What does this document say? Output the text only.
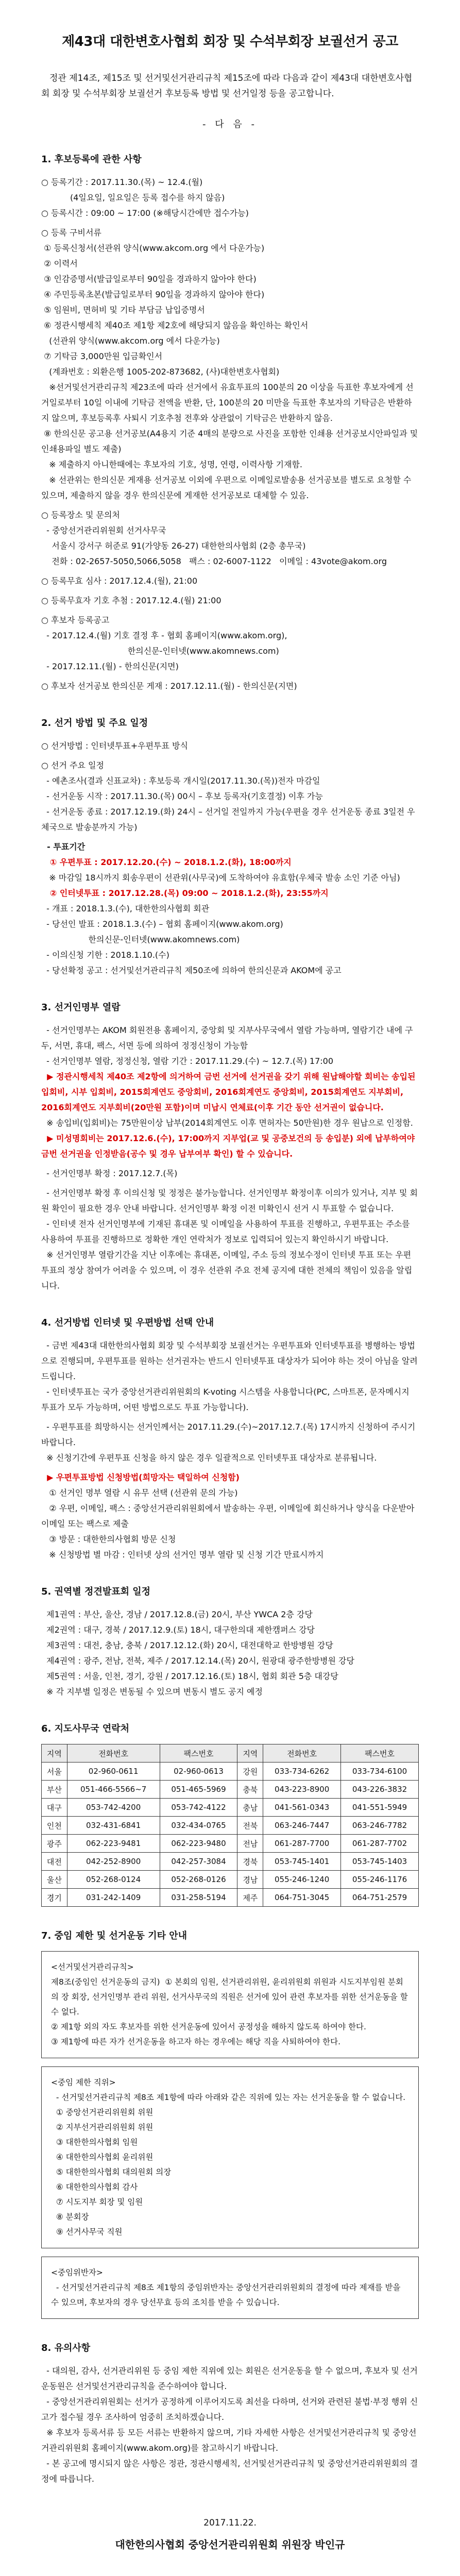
제43대 대한변호사협회 회장 및 수석부회장 보궐선거 공고

정관 제14조, 제15조 및 선거및선거관리규칙 제15조에 따라 다음과 같이 제43대 대한변호사협회 회장 및 수석부회장 보궐선거 후보등록 방법 및 선거일정 등을 공고합니다.

- 다 음 -
1. 후보등록에 관한 사항

○ 등록기간 : 2017.11.30.(목) ~ 12.4.(월)

(4일요일, 일요일은 등록 접수를 하지 않음)

○ 등록시간 : 09:00 ~ 17:00 (※해당시간에만 접수가능)

○ 등록 구비서류

① 등록신청서(선관위 양식(www.akcom.org 에서 다운가능)

② 이력서

③ 인감증명서(발급일로부터 90일을 경과하지 않아야 한다)

④ 주민등록초본(발급일로부터 90일을 경과하지 않아야 한다)

⑤ 임원비, 면허비 및 기타 부담금 납입증명서

⑥ 정관시행세칙 제40조 제1항 제2호에 해당되지 않음을 확인하는 확인서

(선관위 양식(www.akcom.org 에서 다운가능)

⑦ 기탁금 3,000만원 입금확인서

(계좌번호 : 외환은행 1005-202-873682, (사)대한변호사협회)

※선거및선거관리규칙 제23조에 따라 선거에서 유효투표의 100분의 20 이상을 득표한 후보자에게 선거일로부터 10일 이내에 기탁금 전액을 반환, 단, 100분의 20 미만을 득표한 후보자의 기탁금은 반환하지 않으며, 후보등록후 사퇴시 기호추첨 전후와 상관없이 기탁금은 반환하지 않음.

⑧ 한의신문 공고용 선거공보(A4용지 기준 4매의 분량으로 사진을 포함한 인쇄용 선거공보시안파일과 및 인쇄용파일 별도 제출)

※ 제출하지 아니한때에는 후보자의 기호, 성명, 연령, 이력사항 기재함.

※ 선관위는 한의신문 게재용 선거공보 이외에 우편으로 이메일로발송용 선거공보를 별도로 요청할 수 있으며, 제출하지 않을 경우 한의신문에 게재한 선거공보로 대체할 수 있음.

○ 등록장소 및 문의처

- 중앙선거관리위원회 선거사무국

서울시 강서구 허준로 91(가양동 26-27) 대한한의사협회 (2층 총무국)

전화 : 02-2657-5050,5066,5058   팩스 : 02-6007-1122   이메일 : 43vote@akom.org

○ 등록무효 심사 : 2017.12.4.(월), 21:00

○ 등록무효자 기호 추첨 : 2017.12.4.(월) 21:00

○ 후보자 등록공고

- 2017.12.4.(월) 기호 결정 후 - 협회 홈페이지(www.akom.org),

한의신문-인터넷(www.akomnews.com)

- 2017.12.11.(월) - 한의신문(지면)

○ 후보자 선거공보 한의신문 게재 : 2017.12.11.(월) - 한의신문(지면)

2. 선거 방법 및 주요 일정

○ 선거방법 : 인터넷투표+우편투표 방식

○ 선거 주요 일정

- 예촌조사(결과 신표교차) : 후보등록 개시일(2017.11.30.(목))전자 마감일

- 선거운동 시작 : 2017.11.30.(목) 00시 – 후보 등록자(기호결정) 이후 가능

- 선거운동 종료 : 2017.12.19.(화) 24시 – 선거일 전일까지 가능(우편을 경우 선거운동 종료 3일전 우체국으로 발송분까지 가능)

- 투표기간

① 우편투표 : 2017.12.20.(수) ~ 2018.1.2.(화), 18:00까지

※ 마감일 18시까지 회송우편이 선관위(사무국)에 도착하여야 유효함(우체국 발송 소인 기준 아님)

② 인터넷투표 : 2017.12.28.(목) 09:00 ~ 2018.1.2.(화), 23:55까지

- 개표 : 2018.1.3.(수), 대한한의사협회 회관

- 당선인 발표 : 2018.1.3.(수) – 협회 홈페이지(www.akom.org)

한의신문-인터넷(www.akomnews.com)

- 이의신청 기한 : 2018.1.10.(수)

- 당선확정 공고 : 선거및선거관리규칙 제50조에 의하여 한의신문과 AKOM에 공고

3. 선거인명부 열람

- 선거인명부는 AKOM 회원전용 홈페이지, 중앙회 및 지부사무국에서 열람 가능하며, 열람기간 내에 구두, 서면, 휴대, 팩스, 서면 등에 의하여 정정신청이 가능함

- 선거인명부 열람, 정정신청, 열람 기간 : 2017.11.29.(수) ~ 12.7.(목) 17:00

▶ 정관시행세칙 제40조 제2항에 의거하여 금번 선거에 선거권을 갖기 위해 원납해야할 회비는 송입된 입회비, 시부 입회비, 2015회계연도 중앙회비, 2016회계연도 중앙회비, 2015회계연도 지부회비, 2016회계연도 지부회비(20만원 포함)이며 미납시 연체료(이후 기간 동안 선거권이 없습니다.

※ 송입비(입회비)는 75만원이상 납부(2014회계연도 이후 면허자는 50만원)한 경우 원납으로 인정함.

▶ 미성명회비는 2017.12.6.(수), 17:00까지 지부업(교 및 공중보건의 등 송입분) 외에 납부하여야 금번 선거권을 인정받음(공수 및 경우 납부여부 확인) 할 수 있습니다.

- 선거인명부 확정 : 2017.12.7.(목)

- 선거인명부 확정 후 이의신청 및 정정은 불가능합니다. 선거인명부 확정이후 이의가 있거나, 지부 및 회원 확인이 필요한 경우 안내 바랍니다. 선거인명부 확정 이전 미확인시 선거 시 투표할 수 없습니다.

- 인터넷 전자 선거인명부에 기재된 휴대폰 및 이메일을 사용하여 투표를 진행하고, 우편투표는 주소를 사용하여 투표를 진행하므로 정확한 개인 연락처가 정보로 입력되어 있는지 확인하시기 바랍니다.

※ 선거인명부 열람기간을 지난 이후에는 휴대폰, 이메일, 주소 등의 정보수정이 인터넷 투표 또는 우편투표의 정상 참여가 어려울 수 있으며, 이 경우 선관위 주요 전체 공지에 대한 전체의 책임이 있음을 알립니다.

4. 선거방법 인터넷 및 우편방법 선택 안내

- 금번 제43대 대한한의사협회 회장 및 수석부회장 보궐선거는 우편투표와 인터넷투표를 병행하는 방법으로 진행되며, 우편투표를 원하는 선거권자는 반드시 인터넷투표 대상자가 되어야 하는 것이 아님을 알려드립니다.

- 인터넷투표는 국가 중앙선거관리위원회의 K-voting 시스템을 사용합니다(PC, 스마트폰, 문자메시지 투표가 모두 가능하며, 어떤 방법으로도 투표 가능합니다).

- 우편투표를 희망하시는 선거인께서는 2017.11.29.(수)~2017.12.7.(목) 17시까지 신청하여 주시기 바랍니다.

※ 신청기간에 우편투표 신청을 하지 않은 경우 일괄적으로 인터넷투표 대상자로 분류됩니다.

▶ 우편투표방법 신청방법(희망자는 택일하여 신청함)

① 선거인 명부 열람 시 유무 선택 (선관위 문의 가능)

② 우편, 이메일, 팩스 : 중앙선거관리위원회에서 발송하는 우편, 이메일에 회신하거나 양식을 다운받아 이메일 또는 팩스로 제출

③ 방문 : 대한한의사협회 방문 신청

※ 신청방법 별 마감 : 인터넷 상의 선거인 명부 열람 및 신청 기간 만료시까지

5. 권역별 정견발표회 일정

제1권역 : 부산, 울산, 경남 / 2017.12.8.(금) 20시, 부산 YWCA 2층 강당

제2권역 : 대구, 경북 / 2017.12.9.(토) 18시, 대구한의대 제한캠퍼스 강당

제3권역 : 대전, 충남, 충북 / 2017.12.12.(화) 20시, 대전대학교 한방병원 강당

제4권역 : 광주, 전남, 전북, 제주 / 2017.12.14.(목) 20시, 원광대 광주한방병원 강당

제5권역 : 서울, 인천, 경기, 강원 / 2017.12.16.(토) 18시, 협회 회관 5층 대강당

※ 각 지부별 일정은 변동될 수 있으며 변동시 별도 공지 예정

6. 지도사무국 연락처
지역	전화번호	팩스번호	지역	전화번호	팩스번호
서울	02-960-0611	02-960-0613	강원	033-734-6262	033-734-6100
부산	051-466-5566~7	051-465-5969	충북	043-223-8900	043-226-3832
대구	053-742-4200	053-742-4122	충남	041-561-0343	041-551-5949
인천	032-431-6841	032-434-0765	전북	063-246-7447	063-246-7782
광주	062-223-9481	062-223-9480	전남	061-287-7700	061-287-7702
대전	042-252-8900	042-257-3084	경북	053-745-1401	053-745-1403
울산	052-268-0124	052-268-0126	경남	055-246-1240	055-246-1176
경기	031-242-1409	031-258-5194	제주	064-751-3045	064-751-2579
7. 중임 제한 및 선거운동 기타 안내

<선거및선거관리규칙>

제8조(중임인 선거운동의 금지)  ① 본회의 임원, 선거관리위원, 윤리위원회 위원과 시도지부임원 분회의 장 회장, 선거인명부 관리 위원, 선거사무국의 직원은 선거에 있어 관련 후보자를 위한 선거운동을 할 수 없다.

② 제1항 외의 자도 후보자를 위한 선거운동에 있어서 공정성을 해하지 않도록 하여야 한다.

③ 제1항에 따른 자가 선거운동을 하고자 하는 경우에는 해당 직을 사퇴하여야 한다.

<중임 제한 직위>

- 선거및선거관리규칙 제8조 제1항에 따라 아래와 같은 직위에 있는 자는 선거운동을 할 수 없습니다.

① 중앙선거관리위원회 위원

② 지부선거관리위원회 위원

③ 대한한의사협회 임원

④ 대한한의사협회 윤리위원

⑤ 대한한의사협회 대의원회 의장

⑥ 대한한의사협회 감사

⑦ 시도지부 회장 및 임원

⑧ 분회장

⑨ 선거사무국 직원

<중임위반자>

- 선거및선거관리규칙 제8조 제1항의 중임위반자는 중앙선거관리위원회의 결정에 따라 제재를 받을 수 있으며, 후보자의 경우 당선무효 등의 조치를 받을 수 있습니다.

8. 유의사항

- 대의원, 감사, 선거관리위원 등 중임 제한 직위에 있는 회원은 선거운동을 할 수 없으며, 후보자 및 선거운동원은 선거및선거관리규칙을 준수하여야 합니다.

- 중앙선거관리위원회는 선거가 공정하게 이루어지도록 최선을 다하며, 선거와 관련된 불법·부정 행위 신고가 접수될 경우 조사하여 엄중히 조치하겠습니다.

※ 후보자 등록서류 등 모든 서류는 반환하지 않으며, 기타 자세한 사항은 선거및선거관리규칙 및 중앙선거관리위원회 홈페이지(www.akom.org)를 참고하시기 바랍니다.

- 본 공고에 명시되지 않은 사항은 정관, 정관시행세칙, 선거및선거관리규칙 및 중앙선거관리위원회의 결정에 따릅니다.

2017.11.22.
대한한의사협회 중앙선거관리위원회 위원장 박인규
